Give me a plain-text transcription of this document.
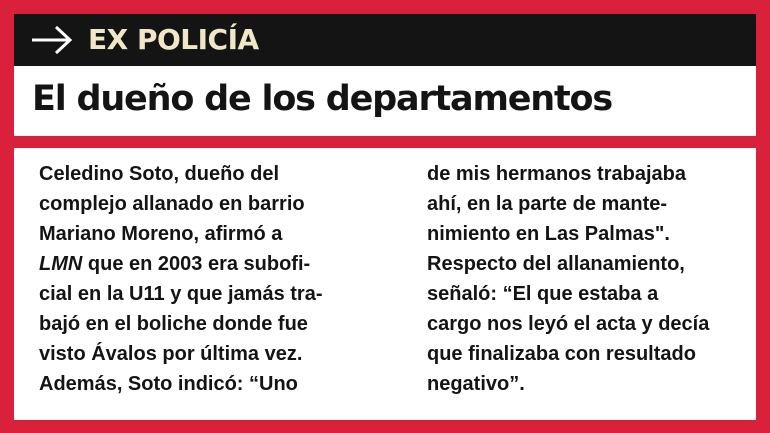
EX POLICÍA
El dueño de los departamentos
Celedino Soto, dueño del
complejo allanado en barrio
Mariano Moreno, afirmó a
LMN que en 2003 era subofi-
cial en la U11 y que jamás tra-
bajó en el boliche donde fue
visto Ávalos por última vez.
Además, Soto indicó: “Uno
de mis hermanos trabajaba
ahí, en la parte de mante-
nimiento en Las Palmas".
Respecto del allanamiento,
señaló: “El que estaba a
cargo nos leyó el acta y decía
que finalizaba con resultado
negativo”.
